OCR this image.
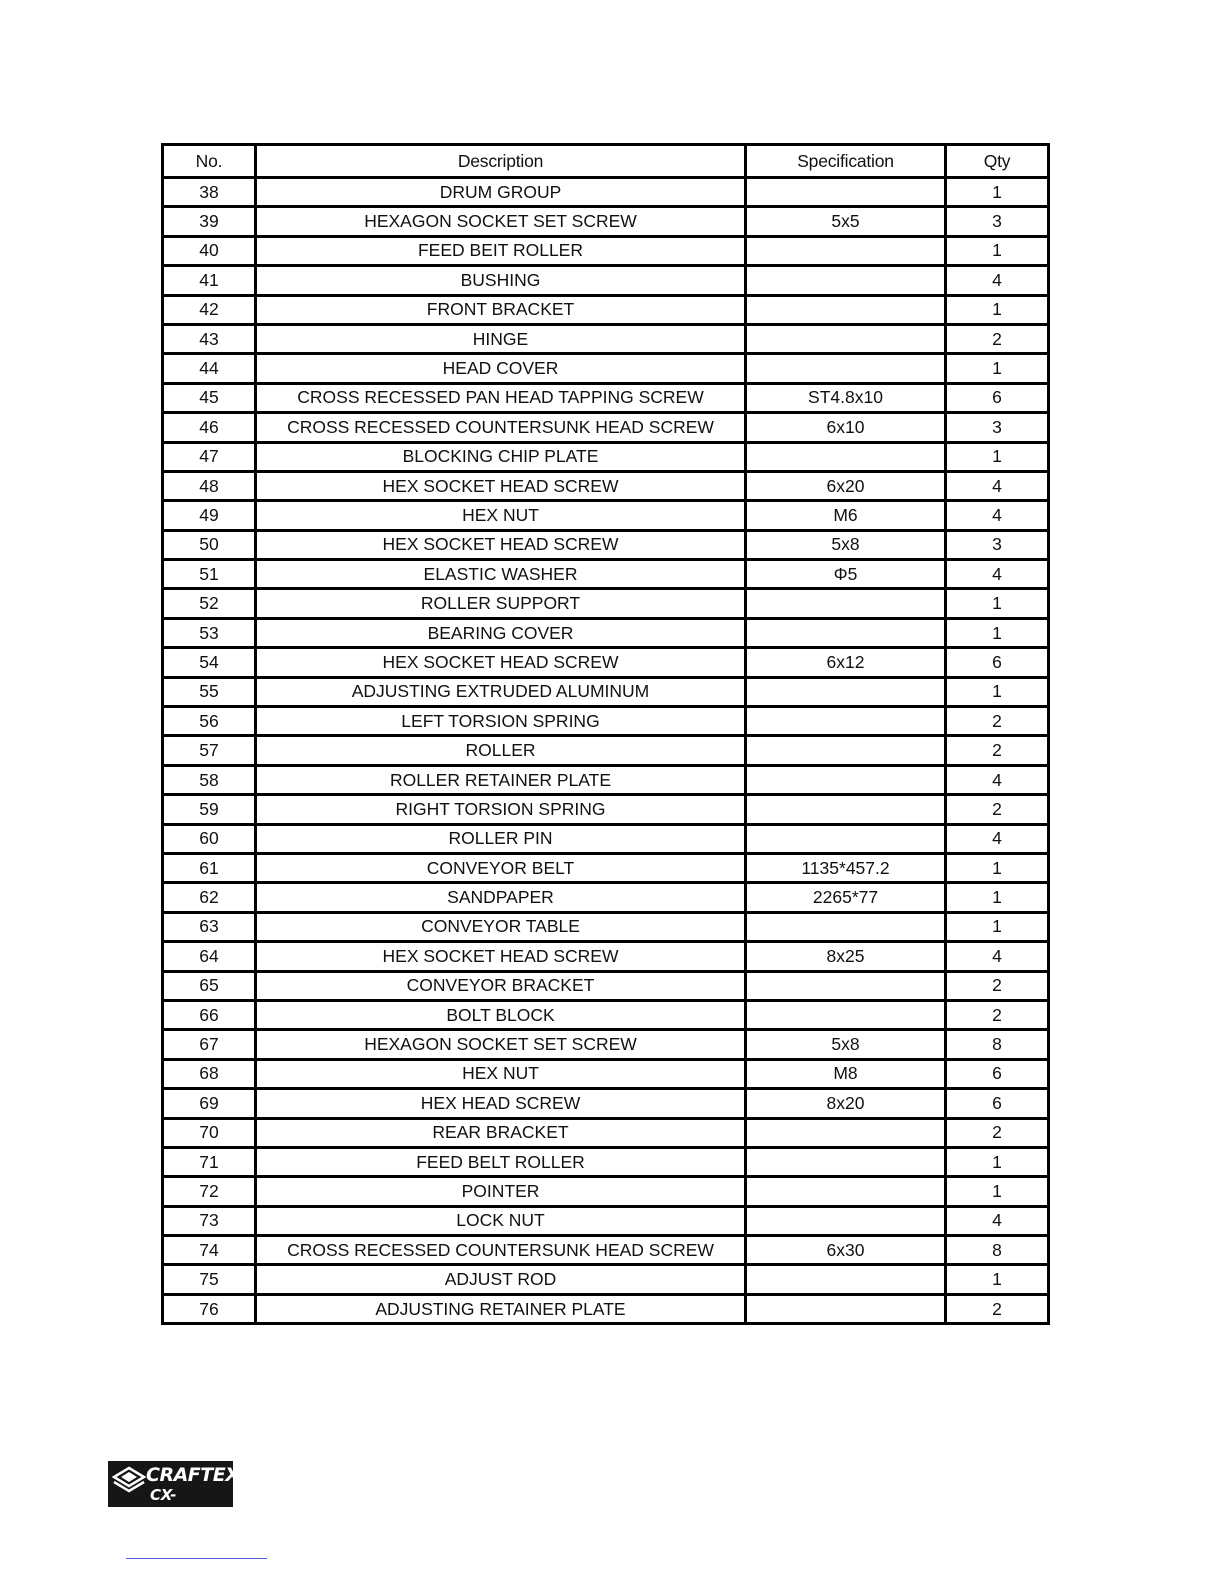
No.	Description	Specification	Qty
38	DRUM GROUP		1
39	HEXAGON SOCKET SET SCREW	5x5	3
40	FEED BEIT ROLLER		1
41	BUSHING		4
42	FRONT BRACKET		1
43	HINGE		2
44	HEAD COVER		1
45	CROSS RECESSED PAN HEAD TAPPING SCREW	ST4.8x10	6
46	CROSS RECESSED COUNTERSUNK HEAD SCREW	6x10	3
47	BLOCKING CHIP PLATE		1
48	HEX SOCKET HEAD SCREW	6x20	4
49	HEX NUT	M6	4
50	HEX SOCKET HEAD SCREW	5x8	3
51	ELASTIC WASHER	Φ5	4
52	ROLLER SUPPORT		1
53	BEARING COVER		1
54	HEX SOCKET HEAD SCREW	6x12	6
55	ADJUSTING EXTRUDED ALUMINUM		1
56	LEFT TORSION SPRING		2
57	ROLLER		2
58	ROLLER RETAINER PLATE		4
59	RIGHT TORSION SPRING		2
60	ROLLER PIN		4
61	CONVEYOR BELT	1135*457.2	1
62	SANDPAPER	2265*77	1
63	CONVEYOR TABLE		1
64	HEX SOCKET HEAD SCREW	8x25	4
65	CONVEYOR BRACKET		2
66	BOLT BLOCK		2
67	HEXAGON SOCKET SET SCREW	5x8	8
68	HEX NUT	M8	6
69	HEX HEAD SCREW	8x20	6
70	REAR BRACKET		2
71	FEED BELT ROLLER		1
72	POINTER		1
73	LOCK NUT		4
74	CROSS RECESSED COUNTERSUNK HEAD SCREW	6x30	8
75	ADJUST ROD		1
76	ADJUSTING RETAINER PLATE		2
CRAFTEX
CX-SERIES
